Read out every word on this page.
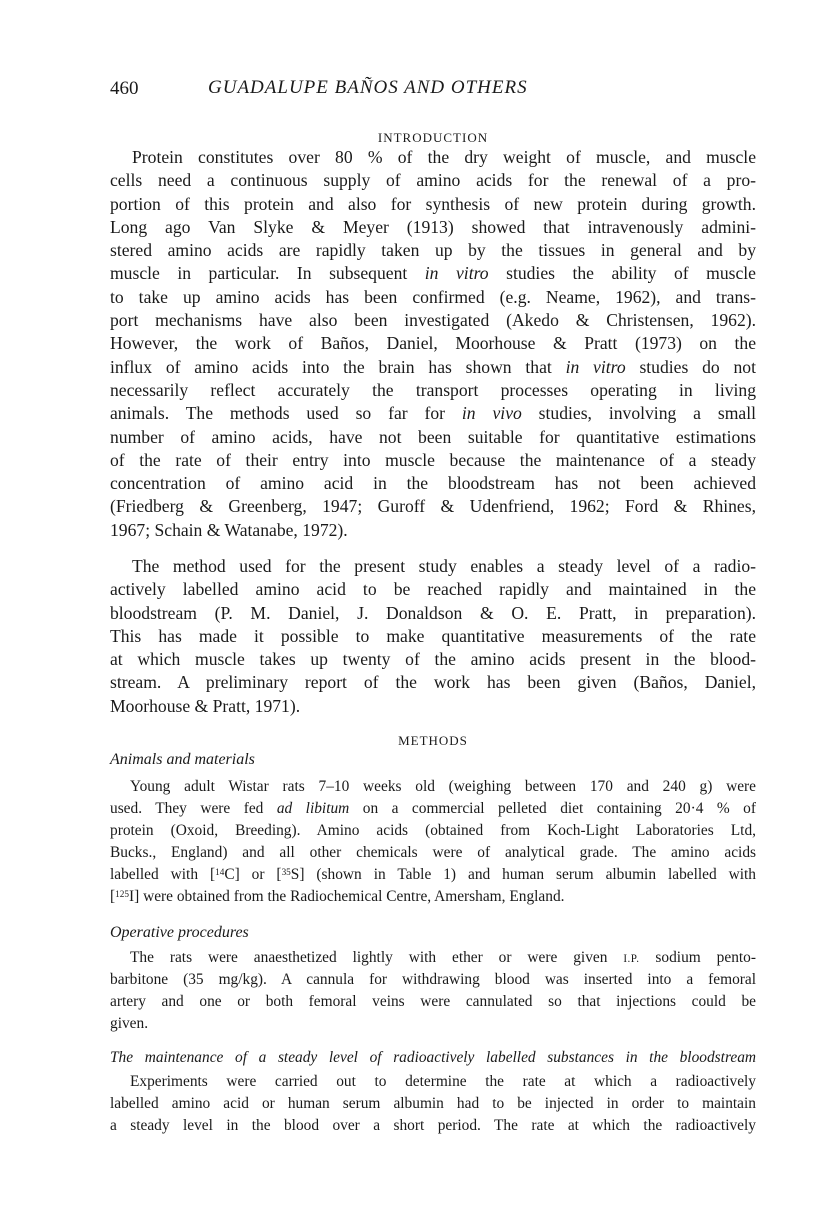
460	GUADALUPE BAÑOS AND OTHERS
INTRODUCTION
Protein constitutes over 80 % of the dry weight of muscle, and muscle
cells need a continuous supply of amino acids for the renewal of a pro-
portion of this protein and also for synthesis of new protein during growth.
Long ago Van Slyke & Meyer (1913) showed that intravenously admini-
stered amino acids are rapidly taken up by the tissues in general and by
muscle in particular. In subsequent in vitro studies the ability of muscle
to take up amino acids has been confirmed (e.g. Neame, 1962), and trans-
port mechanisms have also been investigated (Akedo & Christensen, 1962).
However, the work of Baños, Daniel, Moorhouse & Pratt (1973) on the
influx of amino acids into the brain has shown that in vitro studies do not
necessarily reflect accurately the transport processes operating in living
animals. The methods used so far for in vivo studies, involving a small
number of amino acids, have not been suitable for quantitative estimations
of the rate of their entry into muscle because the maintenance of a steady
concentration of amino acid in the bloodstream has not been achieved
(Friedberg & Greenberg, 1947; Guroff & Udenfriend, 1962; Ford & Rhines,
1967; Schain & Watanabe, 1972).
The method used for the present study enables a steady level of a radio-
actively labelled amino acid to be reached rapidly and maintained in the
bloodstream (P. M. Daniel, J. Donaldson & O. E. Pratt, in preparation).
This has made it possible to make quantitative measurements of the rate
at which muscle takes up twenty of the amino acids present in the blood-
stream. A preliminary report of the work has been given (Baños, Daniel,
Moorhouse & Pratt, 1971).
METHODS
Animals and materials
Young adult Wistar rats 7–10 weeks old (weighing between 170 and 240 g) were
used. They were fed ad libitum on a commercial pelleted diet containing 20·4 % of
protein (Oxoid, Breeding). Amino acids (obtained from Koch-Light Laboratories Ltd,
Bucks., England) and all other chemicals were of analytical grade. The amino acids
labelled with [$^{14}$C] or [$^{35}$S] (shown in Table 1) and human serum albumin labelled with
[$^{125}$I] were obtained from the Radiochemical Centre, Amersham, England.
Operative procedures
The rats were anaesthetized lightly with ether or were given I.P. sodium pento-
barbitone (35 mg/kg). A cannula for withdrawing blood was inserted into a femoral
artery and one or both femoral veins were cannulated so that injections could be
given.
The maintenance of a steady level of radioactively labelled substances in the bloodstream
Experiments were carried out to determine the rate at which a radioactively
labelled amino acid or human serum albumin had to be injected in order to maintain
a steady level in the blood over a short period. The rate at which the radioactively
